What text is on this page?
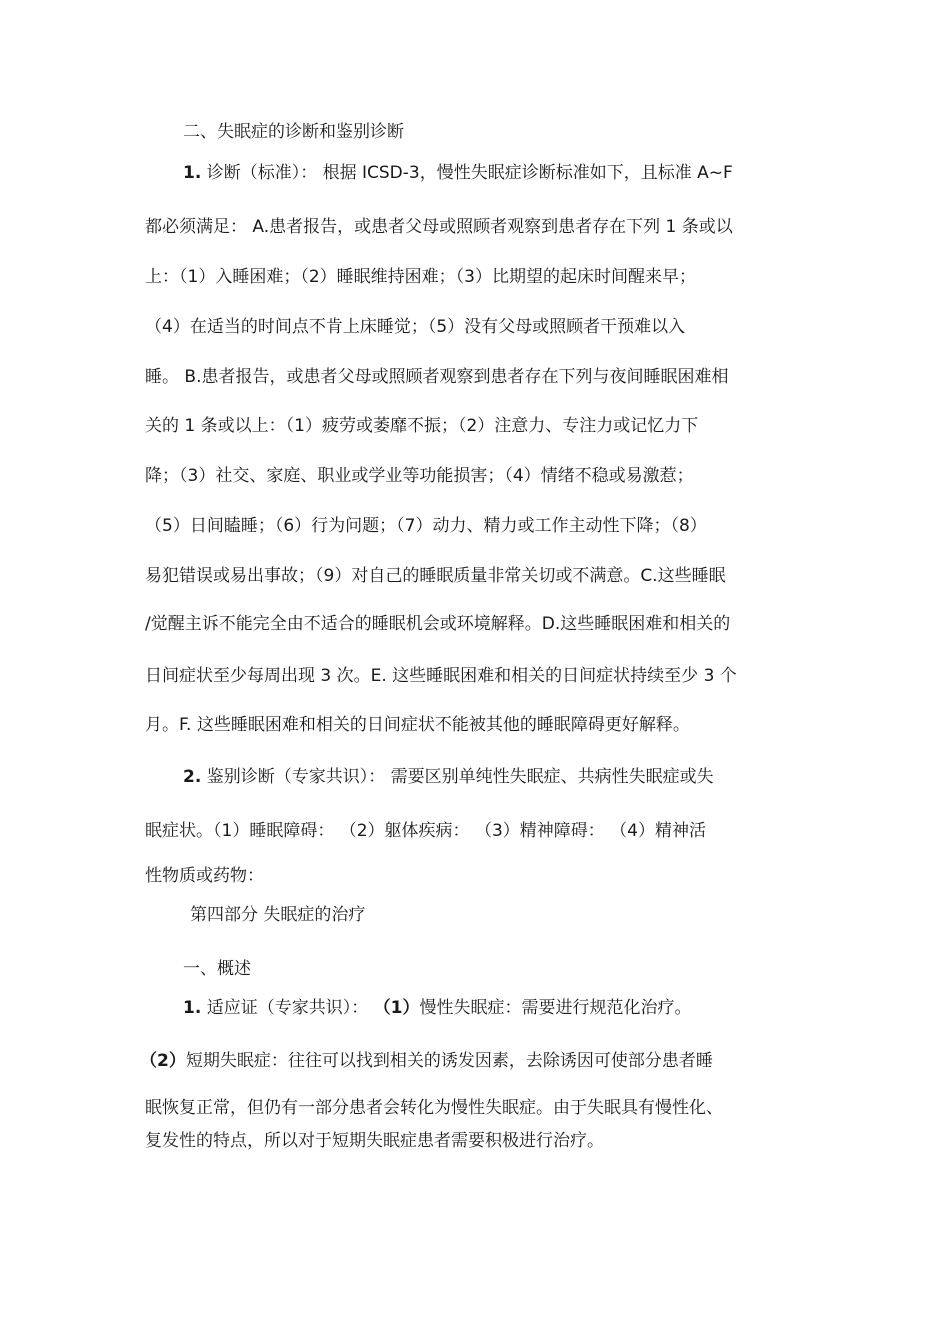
二、失眠症的诊断和鉴别诊断
1. 诊断（标准）： 根据 ICSD-3，慢性失眠症诊断标准如下，且标准 A~F
都必须满足： A.患者报告，或患者父母或照顾者观察到患者存在下列 1 条或以
上：（1）入睡困难；（2）睡眠维持困难；（3）比期望的起床时间醒来早；
（4）在适当的时间点不肯上床睡觉；（5）没有父母或照顾者干预难以入
睡。 B.患者报告，或患者父母或照顾者观察到患者存在下列与夜间睡眠困难相
关的 1 条或以上：（1）疲劳或萎靡不振；（2）注意力、专注力或记忆力下
降；（3）社交、家庭、职业或学业等功能损害；（4）情绪不稳或易激惹；
（5）日间瞌睡；（6）行为问题；（7）动力、精力或工作主动性下降；（8）
易犯错误或易出事故；（9）对自己的睡眠质量非常关切或不满意。C.这些睡眠
/觉醒主诉不能完全由不适合的睡眠机会或环境解释。D.这些睡眠困难和相关的
日间症状至少每周出现 3 次。E. 这些睡眠困难和相关的日间症状持续至少 3 个
月。F. 这些睡眠困难和相关的日间症状不能被其他的睡眠障碍更好解释。
2. 鉴别诊断（专家共识）： 需要区别单纯性失眠症、共病性失眠症或失
眠症状。（1）睡眠障碍： （2）躯体疾病： （3）精神障碍： （4）精神活
性物质或药物：
第四部分 失眠症的治疗
一、概述
1. 适应证（专家共识）： （1）慢性失眠症：需要进行规范化治疗。
（2）短期失眠症：往往可以找到相关的诱发因素，去除诱因可使部分患者睡
眠恢复正常，但仍有一部分患者会转化为慢性失眠症。由于失眠具有慢性化、
复发性的特点，所以对于短期失眠症患者需要积极进行治疗。
